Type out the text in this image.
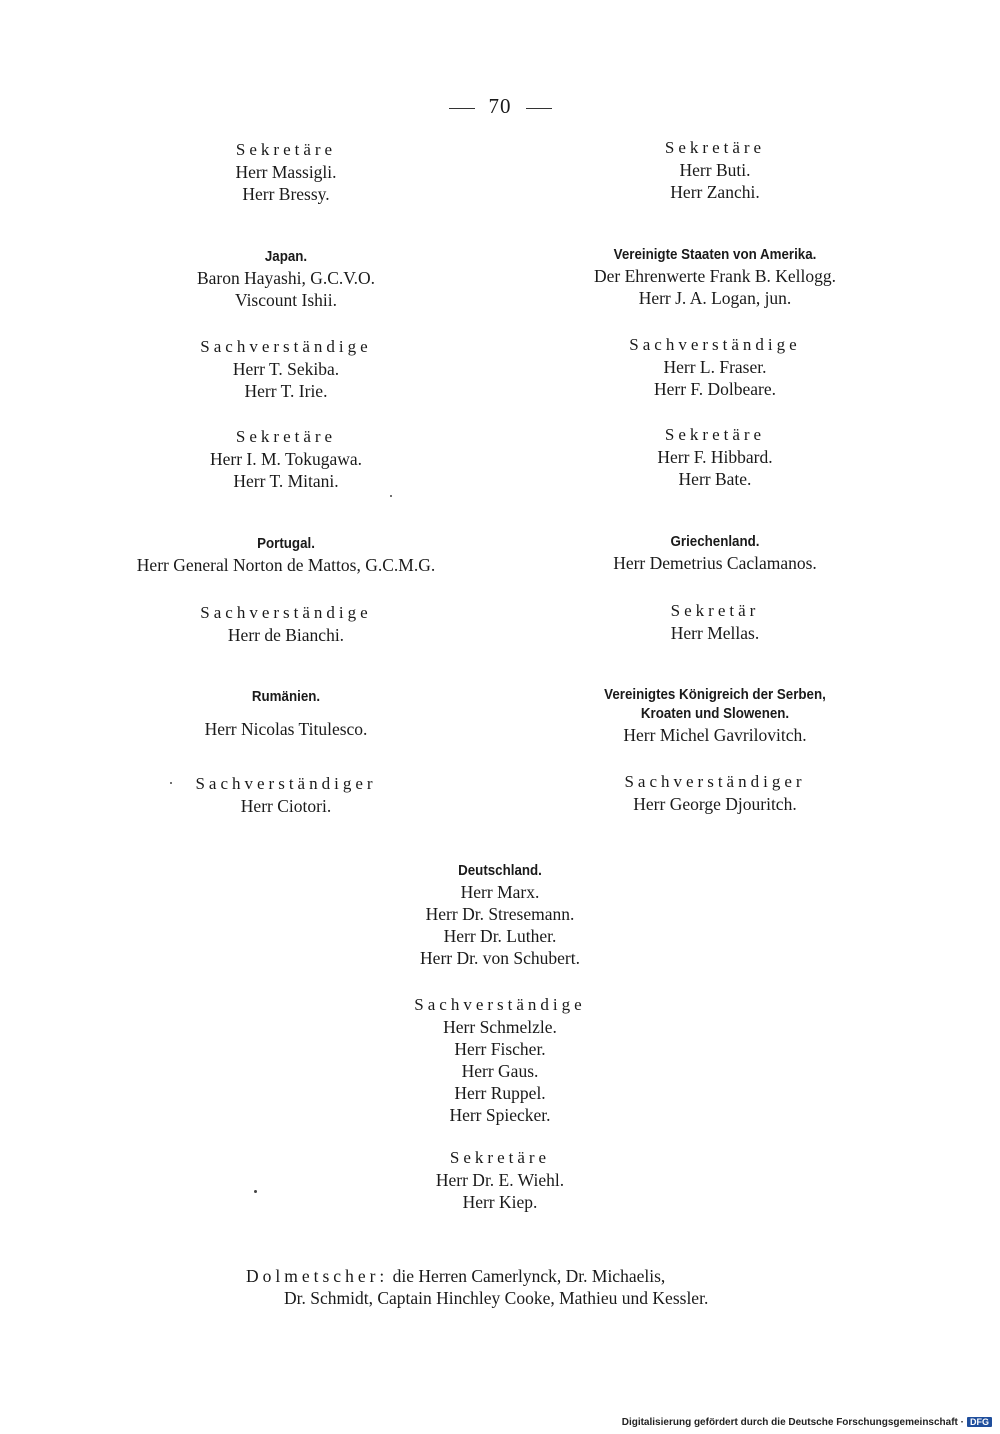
70
Sekretäre
Herr Massigli.
Herr Bressy.
Japan.
Baron Hayashi, G.C.V.O.
Viscount Ishii.
Sachverständige
Herr T. Sekiba.
Herr T. Irie.
Sekretäre
Herr I. M. Tokugawa.
Herr T. Mitani.
Portugal.
Herr General Norton de Mattos, G.C.M.G.
Sachverständige
Herr de Bianchi.
Rumänien.
Herr Nicolas Titulesco.
Sachverständiger
Herr Ciotori.
Sekretäre
Herr Buti.
Herr Zanchi.
Vereinigte Staaten von Amerika.
Der Ehrenwerte Frank B. Kellogg.
Herr J. A. Logan, jun.
Sachverständige
Herr L. Fraser.
Herr F. Dolbeare.
Sekretäre
Herr F. Hibbard.
Herr Bate.
Griechenland.
Herr Demetrius Caclamanos.
Sekretär
Herr Mellas.
Vereinigtes Königreich der Serben,
Kroaten und Slowenen.
Herr Michel Gavrilovitch.
Sachverständiger
Herr George Djouritch.
Deutschland.
Herr Marx.
Herr Dr. Stresemann.
Herr Dr. Luther.
Herr Dr. von Schubert.
Sachverständige
Herr Schmelzle.
Herr Fischer.
Herr Gaus.
Herr Ruppel.
Herr Spiecker.
Sekretäre
Herr Dr. E. Wiehl.
Herr Kiep.
Dolmetscher: die Herren Camerlynck, Dr. Michaelis,
Dr. Schmidt, Captain Hinchley Cooke, Mathieu und Kessler.
Digitalisierung gefördert durch die Deutsche Forschungsgemeinschaft · DFG
